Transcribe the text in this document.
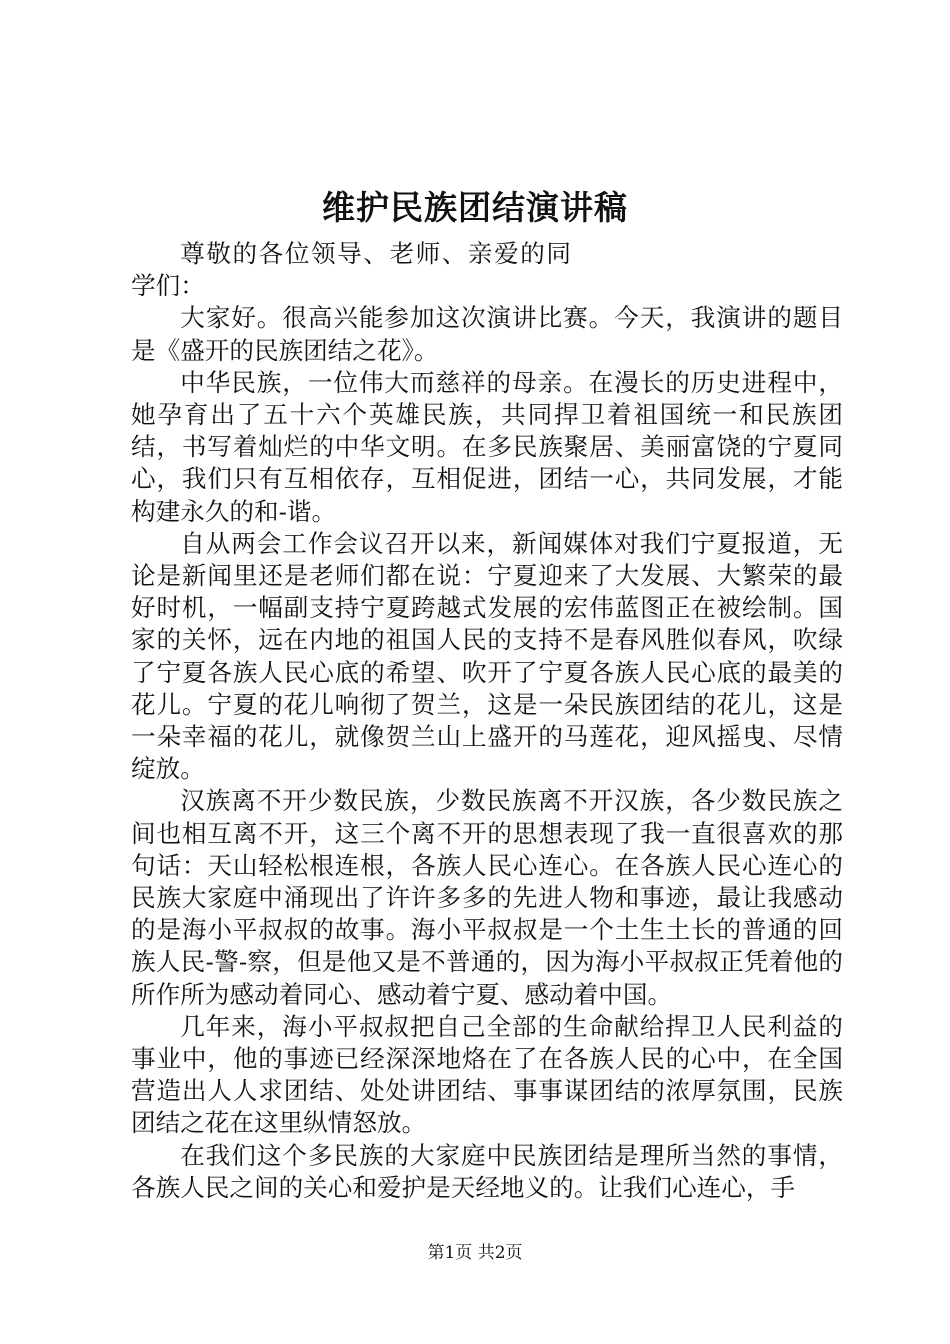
维护民族团结演讲稿

尊敬的各位领导、老师、亲爱的同学们：

大家好。很高兴能参加这次演讲比赛。今天，我演讲的题目是《盛开的民族团结之花》。

中华民族，一位伟大而慈祥的母亲。在漫长的历史进程中，她孕育出了五十六个英雄民族，共同捍卫着祖国统一和民族团结，书写着灿烂的中华文明。在多民族聚居、美丽富饶的宁夏同心，我们只有互相依存，互相促进，团结一心，共同发展，才能构建永久的和-谐。

自从两会工作会议召开以来，新闻媒体对我们宁夏报道，无论是新闻里还是老师们都在说：宁夏迎来了大发展、大繁荣的最好时机，一幅副支持宁夏跨越式发展的宏伟蓝图正在被绘制。国家的关怀，远在内地的祖国人民的支持不是春风胜似春风，吹绿了宁夏各族人民心底的希望、吹开了宁夏各族人民心底的最美的花儿。宁夏的花儿响彻了贺兰，这是一朵民族团结的花儿，这是一朵幸福的花儿，就像贺兰山上盛开的马莲花，迎风摇曳、尽情绽放。

汉族离不开少数民族，少数民族离不开汉族，各少数民族之间也相互离不开，这三个离不开的思想表现了我一直很喜欢的那句话：天山轻松根连根，各族人民心连心。在各族人民心连心的民族大家庭中涌现出了许许多多的先进人物和事迹，最让我感动的是海小平叔叔的故事。海小平叔叔是一个土生土长的普通的回族人民-警-察，但是他又是不普通的，因为海小平叔叔正凭着他的所作所为感动着同心、感动着宁夏、感动着中国。

几年来，海小平叔叔把自己全部的生命献给捍卫人民利益的事业中，他的事迹已经深深地烙在了在各族人民的心中，在全国营造出人人求团结、处处讲团结、事事谋团结的浓厚氛围，民族团结之花在这里纵情怒放。

在我们这个多民族的大家庭中民族团结是理所当然的事情，各族人民之间的关心和爱护是天经地义的。让我们心连心，手

第1页 共2页
